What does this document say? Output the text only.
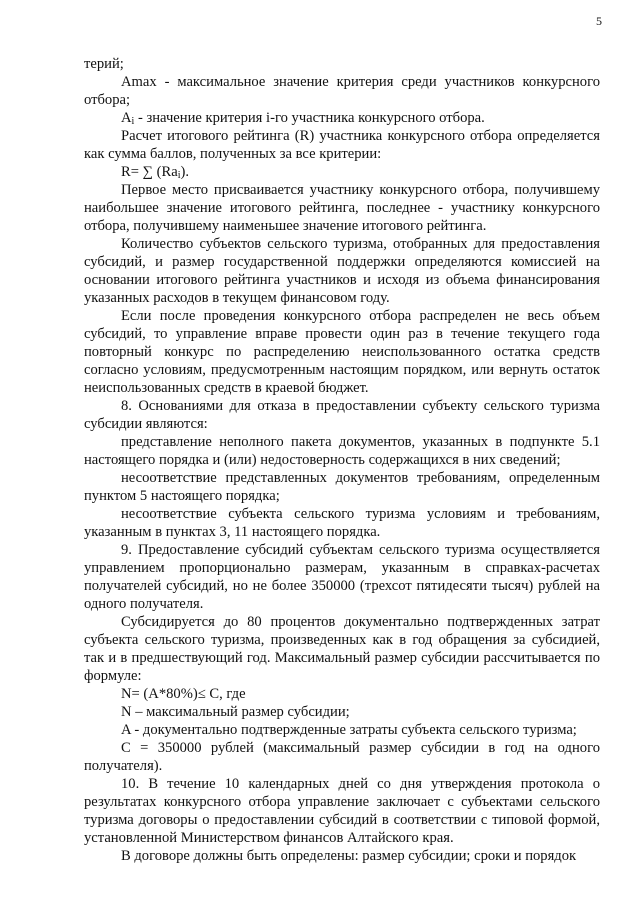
5

терий;

Amax - максимальное значение критерия среди участников конкурсного отбора;

$A_i$ - значение критерия i-го участника конкурсного отбора.

Расчет итогового рейтинга (R) участника конкурсного отбора определяется как сумма баллов, полученных за все критерии:

R= ∑ $(Ra_i)$.

Первое место присваивается участнику конкурсного отбора, получившему наибольшее значение итогового рейтинга, последнее - участнику конкурсного отбора, получившему наименьшее значение итогового рейтинга.

Количество субъектов сельского туризма, отобранных для предоставления субсидий, и размер государственной поддержки определяются комиссией на основании итогового рейтинга участников и исходя из объема финансирования указанных расходов в текущем финансовом году.

Если после проведения конкурсного отбора распределен не весь объем субсидий, то управление вправе провести один раз в течение текущего года повторный конкурс по распределению неиспользованного остатка средств согласно условиям, предусмотренным настоящим порядком, или вернуть остаток неиспользованных средств в краевой бюджет.

8. Основаниями для отказа в предоставлении субъекту сельского туризма субсидии являются:

представление неполного пакета документов, указанных в подпункте 5.1 настоящего порядка и (или) недостоверность содержащихся в них сведений;

несоответствие представленных документов требованиям, определенным пунктом 5 настоящего порядка;

несоответствие субъекта сельского туризма условиям и требованиям, указанным в пунктах 3, 11 настоящего порядка.

9. Предоставление субсидий субъектам сельского туризма осуществляется управлением пропорционально размерам, указанным в справках-расчетах получателей субсидий, но не более 350000 (трехсот пятидесяти тысяч) рублей на одного получателя.

Субсидируется до 80 процентов документально подтвержденных затрат субъекта сельского туризма, произведенных как в год обращения за субсидией, так и в предшествующий год. Максимальный размер субсидии рассчитывается по формуле:

N= (A*80%)≤ C, где

N – максимальный размер субсидии;

A - документально подтвержденные затраты субъекта сельского туризма;

C = 350000 рублей (максимальный размер субсидии в год на одного получателя).

10. В течение 10 календарных дней со дня утверждения протокола о результатах конкурсного отбора управление заключает с субъектами сельского туризма договоры о предоставлении субсидий в соответствии с типовой формой, установленной Министерством финансов Алтайского края.

В договоре должны быть определены: размер субсидии; сроки и порядок
